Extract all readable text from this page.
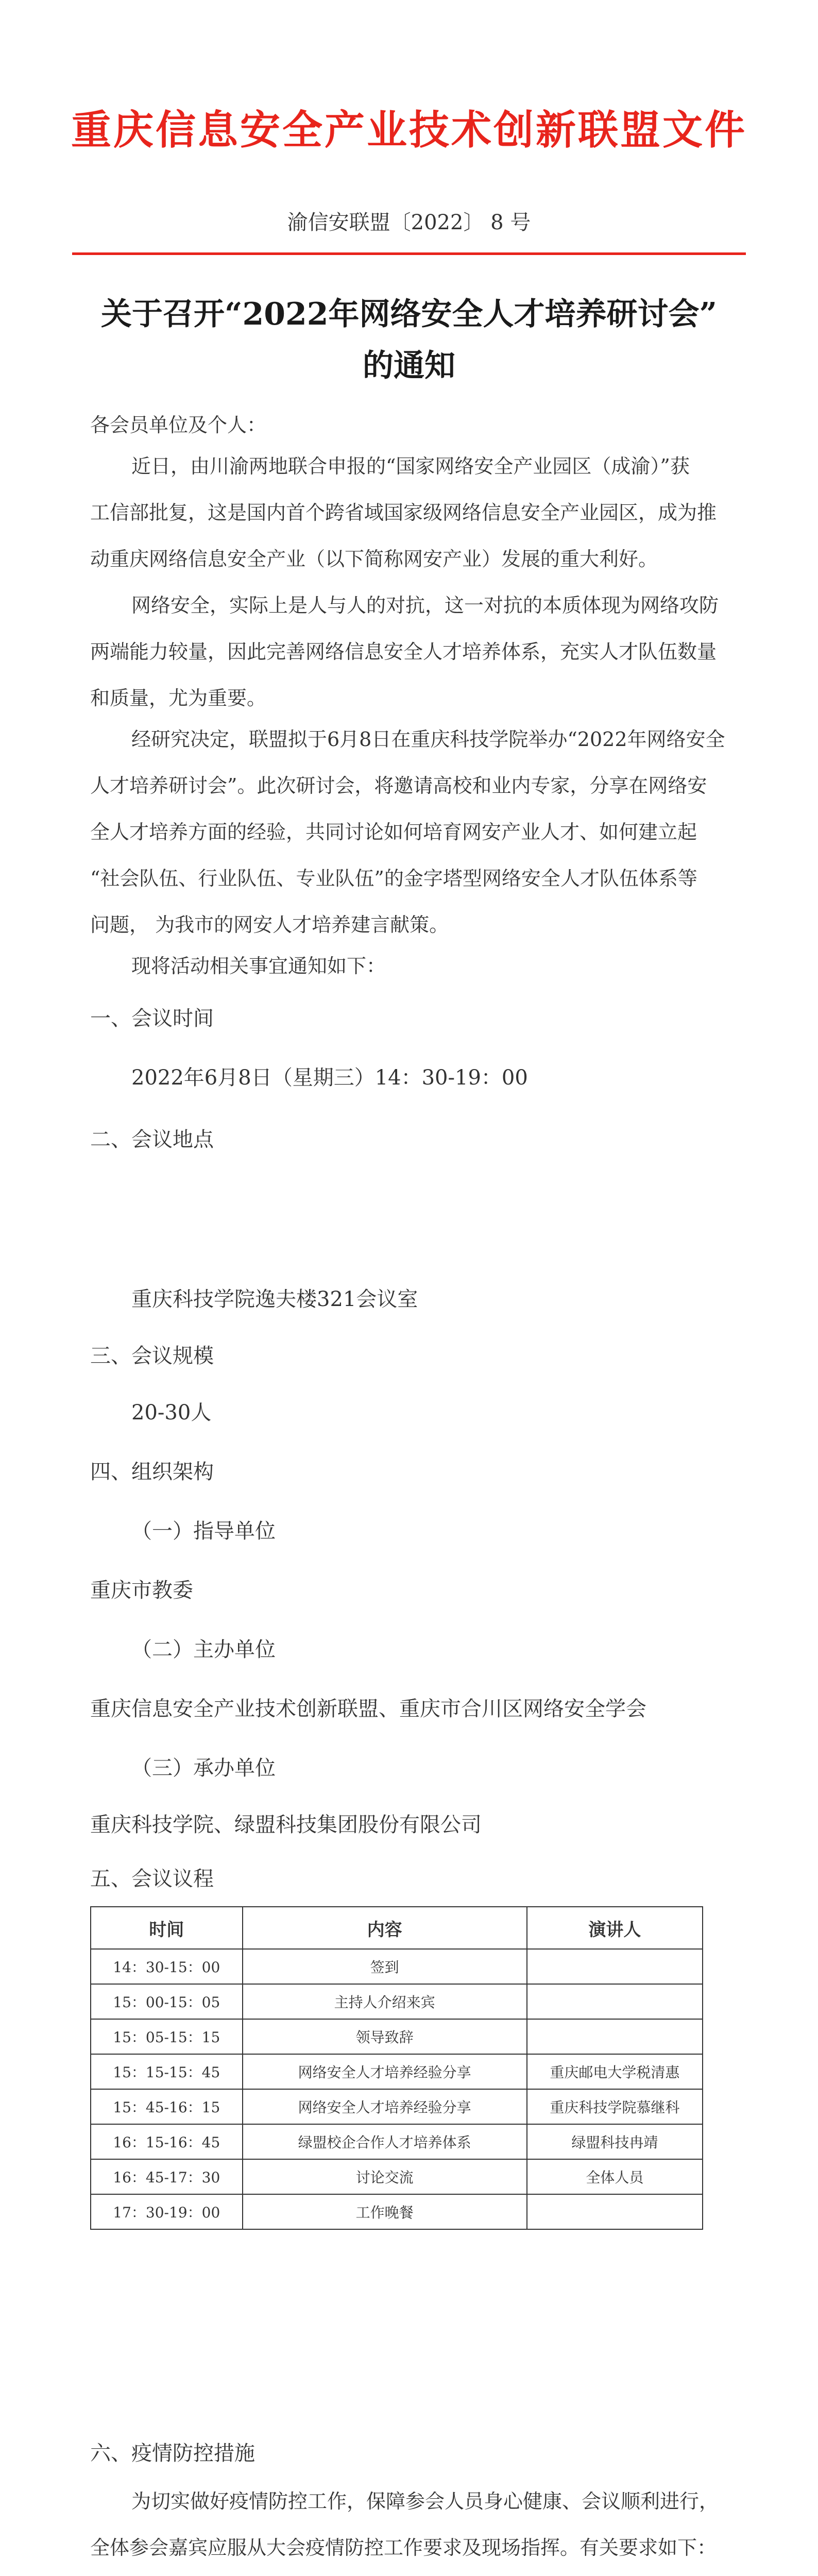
重庆信息安全产业技术创新联盟文件
渝信安联盟〔2022〕 8 号
关于召开“2022年网络安全人才培养研讨会”
的通知
各会员单位及个人：
近日，由川渝两地联合申报的“国家网络安全产业园区（成渝）”获
工信部批复，这是国内首个跨省域国家级网络信息安全产业园区，成为推
动重庆网络信息安全产业（以下简称网安产业）发展的重大利好。
网络安全，实际上是人与人的对抗，这一对抗的本质体现为网络攻防
两端能力较量，因此完善网络信息安全人才培养体系，充实人才队伍数量
和质量，尤为重要。
经研究决定，联盟拟于6月8日在重庆科技学院举办“2022年网络安全
人才培养研讨会”。此次研讨会，将邀请高校和业内专家，分享在网络安
全人才培养方面的经验，共同讨论如何培育网安产业人才、如何建立起
“社会队伍、行业队伍、专业队伍”的金字塔型网络安全人才队伍体系等
问题， 为我市的网安人才培养建言献策。
现将活动相关事宜通知如下：
一、会议时间
2022年6月8日（星期三）14：30-19：00
二、会议地点
重庆科技学院逸夫楼321会议室
三、会议规模
20-30人
四、组织架构
（一）指导单位
重庆市教委
（二）主办单位
重庆信息安全产业技术创新联盟、重庆市合川区网络安全学会
（三）承办单位
重庆科技学院、绿盟科技集团股份有限公司
五、会议议程
时间	内容	演讲人
14：30-15：00	签到	
15：00-15：05	主持人介绍来宾	
15：05-15：15	领导致辞	
15：15-15：45	网络安全人才培养经验分享	重庆邮电大学税清惠
15：45-16：15	网络安全人才培养经验分享	重庆科技学院慕继科
16：15-16：45	绿盟校企合作人才培养体系	绿盟科技冉靖
16：45-17：30	讨论交流	全体人员
17：30-19：00	工作晚餐	
六、疫情防控措施
为切实做好疫情防控工作，保障参会人员身心健康、会议顺利进行，
全体参会嘉宾应服从大会疫情防控工作要求及现场指挥。有关要求如下：
